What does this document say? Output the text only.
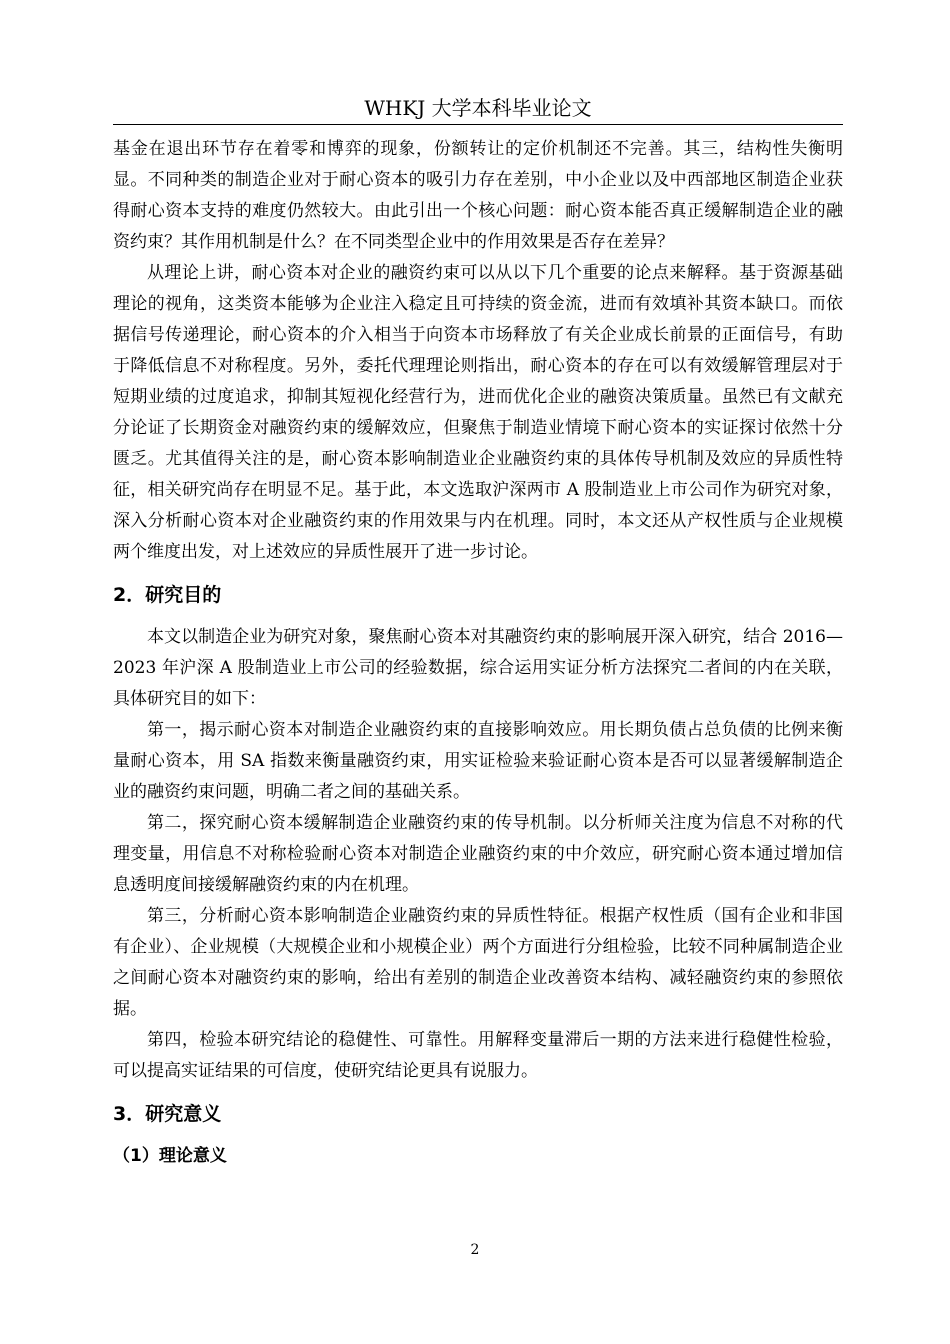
WHKJ 大学本科毕业论文

基金在退出环节存在着零和博弈的现象，份额转让的定价机制还不完善。其三，结构性失衡明显。不同种类的制造企业对于耐心资本的吸引力存在差别，中小企业以及中西部地区制造企业获得耐心资本支持的难度仍然较大。由此引出一个核心问题：耐心资本能否真正缓解制造企业的融资约束？其作用机制是什么？在不同类型企业中的作用效果是否存在差异？

从理论上讲，耐心资本对企业的融资约束可以从以下几个重要的论点来解释。基于资源基础理论的视角，这类资本能够为企业注入稳定且可持续的资金流，进而有效填补其资本缺口。而依据信号传递理论，耐心资本的介入相当于向资本市场释放了有关企业成长前景的正面信号，有助于降低信息不对称程度。另外，委托代理理论则指出，耐心资本的存在可以有效缓解管理层对于短期业绩的过度追求，抑制其短视化经营行为，进而优化企业的融资决策质量。虽然已有文献充分论证了长期资金对融资约束的缓解效应，但聚焦于制造业情境下耐心资本的实证探讨依然十分匮乏。尤其值得关注的是，耐心资本影响制造业企业融资约束的具体传导机制及效应的异质性特征，相关研究尚存在明显不足。基于此，本文选取沪深两市 A 股制造业上市公司作为研究对象，深入分析耐心资本对企业融资约束的作用效果与内在机理。同时，本文还从产权性质与企业规模两个维度出发，对上述效应的异质性展开了进一步讨论。

2．研究目的

本文以制造企业为研究对象，聚焦耐心资本对其融资约束的影响展开深入研究，结合 2016—2023 年沪深 A 股制造业上市公司的经验数据，综合运用实证分析方法探究二者间的内在关联，具体研究目的如下：

第一，揭示耐心资本对制造企业融资约束的直接影响效应。用长期负债占总负债的比例来衡量耐心资本，用 SA 指数来衡量融资约束，用实证检验来验证耐心资本是否可以显著缓解制造企业的融资约束问题，明确二者之间的基础关系。

第二，探究耐心资本缓解制造企业融资约束的传导机制。以分析师关注度为信息不对称的代理变量，用信息不对称检验耐心资本对制造企业融资约束的中介效应，研究耐心资本通过增加信息透明度间接缓解融资约束的内在机理。

第三，分析耐心资本影响制造企业融资约束的异质性特征。根据产权性质（国有企业和非国有企业）、企业规模（大规模企业和小规模企业）两个方面进行分组检验，比较不同种属制造企业之间耐心资本对融资约束的影响，给出有差别的制造企业改善资本结构、减轻融资约束的参照依据。

第四，检验本研究结论的稳健性、可靠性。用解释变量滞后一期的方法来进行稳健性检验，可以提高实证结果的可信度，使研究结论更具有说服力。

3．研究意义
（1）理论意义
2
